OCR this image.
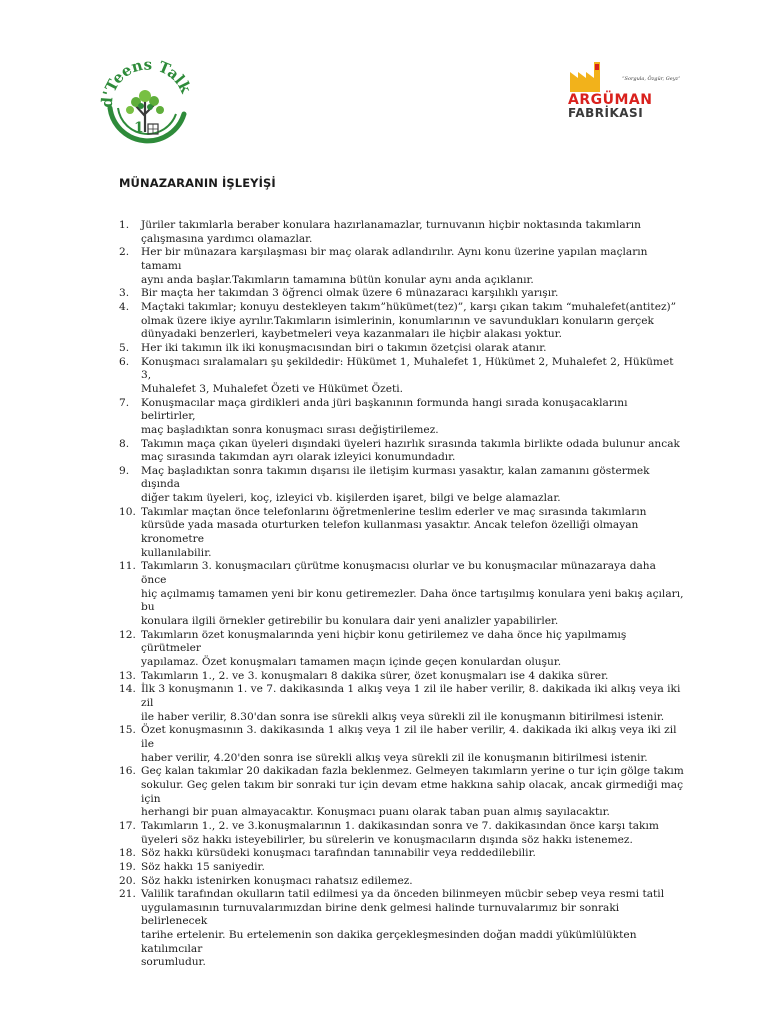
d'Teens Talk
1
“Sorgula, Özgür, Geyz”
ARGÜMAN
FABRİKASI
MÜNAZARANIN İŞLEYİŞİ
1.	Jüriler takımlarla beraber konulara hazırlanamazlar, turnuvanın hiçbir noktasında takımların
çalışmasına yardımcı olamazlar.
2.	Her bir münazara karşılaşması bir maç olarak adlandırılır. Aynı konu üzerine yapılan maçların tamamı
aynı anda başlar.Takımların tamamına bütün konular aynı anda açıklanır.
3.	Bir maçta her takımdan 3 öğrenci olmak üzere 6 münazaracı karşılıklı yarışır.
4.	Maçtaki takımlar; konuyu destekleyen takım”hükümet(tez)”, karşı çıkan takım “muhalefet(antitez)”
olmak üzere ikiye ayrılır.Takımların isimlerinin, konumlarının ve savundukları konuların gerçek
dünyadaki benzerleri, kaybetmeleri veya kazanmaları ile hiçbir alakası yoktur.
5.	Her iki takımın ilk iki konuşmacısından biri o takımın özetçisi olarak atanır.
6.	Konuşmacı sıralamaları şu şekildedir: Hükümet 1, Muhalefet 1, Hükümet 2, Muhalefet 2, Hükümet 3,
Muhalefet 3, Muhalefet Özeti ve Hükümet Özeti.
7.	Konuşmacılar maça girdikleri anda jüri başkanının formunda hangi sırada konuşacaklarını belirtirler,
maç başladıktan sonra konuşmacı sırası değiştirilemez.
8.	Takımın maça çıkan üyeleri dışındaki üyeleri hazırlık sırasında takımla birlikte odada bulunur ancak
maç sırasında takımdan ayrı olarak izleyici konumundadır.
9.	Maç başladıktan sonra takımın dışarısı ile iletişim kurması yasaktır, kalan zamanını göstermek dışında
diğer takım üyeleri, koç, izleyici vb. kişilerden işaret, bilgi ve belge alamazlar.
10. Takımlar maçtan önce telefonlarını öğretmenlerine teslim ederler ve maç sırasında takımların
kürsüde yada masada oturturken telefon kullanması yasaktır. Ancak telefon özelliği olmayan kronometre
kullanılabilir.
11. Takımların 3. konuşmacıları çürütme konuşmacısı olurlar ve bu konuşmacılar münazaraya daha önce
hiç açılmamış tamamen yeni bir konu getiremezler. Daha önce tartışılmış konulara yeni bakış açıları, bu
konulara ilgili örnekler getirebilir bu konulara dair yeni analizler yapabilirler.
12. Takımların özet konuşmalarında yeni hiçbir konu getirilemez ve daha önce hiç yapılmamış çürütmeler
yapılamaz. Özet konuşmaları tamamen maçın içinde geçen konulardan oluşur.
13. Takımların 1., 2. ve 3. konuşmaları 8 dakika sürer, özet konuşmaları ise 4 dakika sürer.
14. İlk 3 konuşmanın 1. ve 7. dakikasında 1 alkış veya 1 zil ile haber verilir, 8. dakikada iki alkış veya iki zil
ile haber verilir, 8.30'dan sonra ise sürekli alkış veya sürekli zil ile konuşmanın bitirilmesi istenir.
15. Özet konuşmasının 3. dakikasında 1 alkış veya 1 zil ile haber verilir, 4. dakikada iki alkış veya iki zil ile
haber verilir, 4.20'den sonra ise sürekli alkış veya sürekli zil ile konuşmanın bitirilmesi istenir.
16. Geç kalan takımlar 20 dakikadan fazla beklenmez. Gelmeyen takımların yerine o tur için gölge takım
sokulur. Geç gelen takım bir sonraki tur için devam etme hakkına sahip olacak, ancak girmediği maç için
herhangi bir puan almayacaktır. Konuşmacı puanı olarak taban puan almış sayılacaktır.
17. Takımların 1., 2. ve 3.konuşmalarının 1. dakikasından sonra ve 7. dakikasından önce karşı takım
üyeleri söz hakkı isteyebilirler, bu sürelerin ve konuşmacıların dışında söz hakkı istenemez.
18. Söz hakkı kürsüdeki konuşmacı tarafından tanınabilir veya reddedilebilir.
19. Söz hakkı 15 saniyedir.
20. Söz hakkı istenirken konuşmacı rahatsız edilemez.
21. Valilik tarafından okulların tatil edilmesi ya da önceden bilinmeyen mücbir sebep veya resmi tatil
uygulamasının turnuvalarımızdan birine denk gelmesi halinde turnuvalarımız bir sonraki belirlenecek
tarihe ertelenir. Bu ertelemenin son dakika gerçekleşmesinden doğan maddi yükümlülükten katılımcılar
sorumludur.
